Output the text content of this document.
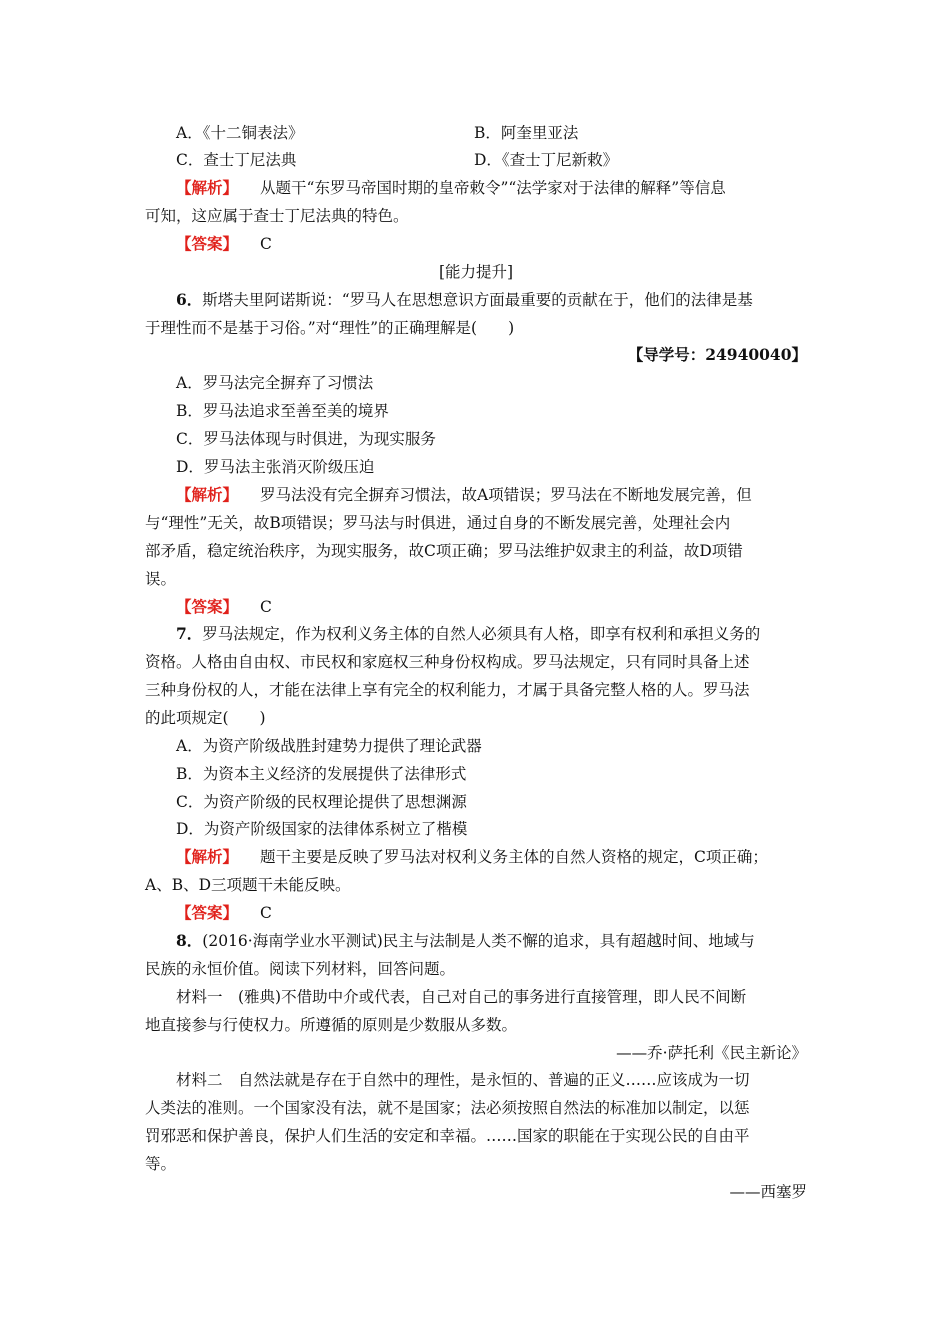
A．《十二铜表法》	B．阿奎里亚法
C．查士丁尼法典	D．《查士丁尼新敕》
【解析】 从题干“东罗马帝国时期的皇帝敕令”“法学家对于法律的解释”等信息
可知，这应属于查士丁尼法典的特色。
【答案】 C
[能力提升]
6．斯塔夫里阿诺斯说：“罗马人在思想意识方面最重要的贡献在于，他们的法律是基
于理性而不是基于习俗。”对“理性”的正确理解是(　　)
【导学号：24940040】
A．罗马法完全摒弃了习惯法
B．罗马法追求至善至美的境界
C．罗马法体现与时俱进，为现实服务
D．罗马法主张消灭阶级压迫
【解析】 罗马法没有完全摒弃习惯法，故A项错误；罗马法在不断地发展完善，但
与“理性”无关，故B项错误；罗马法与时俱进，通过自身的不断发展完善，处理社会内
部矛盾，稳定统治秩序，为现实服务，故C项正确；罗马法维护奴隶主的利益，故D项错
误。
【答案】 C
7．罗马法规定，作为权利义务主体的自然人必须具有人格，即享有权利和承担义务的
资格。人格由自由权、市民权和家庭权三种身份权构成。罗马法规定，只有同时具备上述
三种身份权的人，才能在法律上享有完全的权利能力，才属于具备完整人格的人。罗马法
的此项规定(　　)
A．为资产阶级战胜封建势力提供了理论武器
B．为资本主义经济的发展提供了法律形式
C．为资产阶级的民权理论提供了思想渊源
D．为资产阶级国家的法律体系树立了楷模
【解析】 题干主要是反映了罗马法对权利义务主体的自然人资格的规定，C项正确；
A、B、D三项题干未能反映。
【答案】 C
8．(2016·海南学业水平测试)民主与法制是人类不懈的追求，具有超越时间、地域与
民族的永恒价值。阅读下列材料，回答问题。
材料一　(雅典)不借助中介或代表，自己对自己的事务进行直接管理，即人民不间断
地直接参与行使权力。所遵循的原则是少数服从多数。
——乔·萨托利《民主新论》
材料二　自然法就是存在于自然中的理性，是永恒的、普遍的正义……应该成为一切
人类法的准则。一个国家没有法，就不是国家；法必须按照自然法的标准加以制定，以惩
罚邪恶和保护善良，保护人们生活的安定和幸福。……国家的职能在于实现公民的自由平
等。
——西塞罗
